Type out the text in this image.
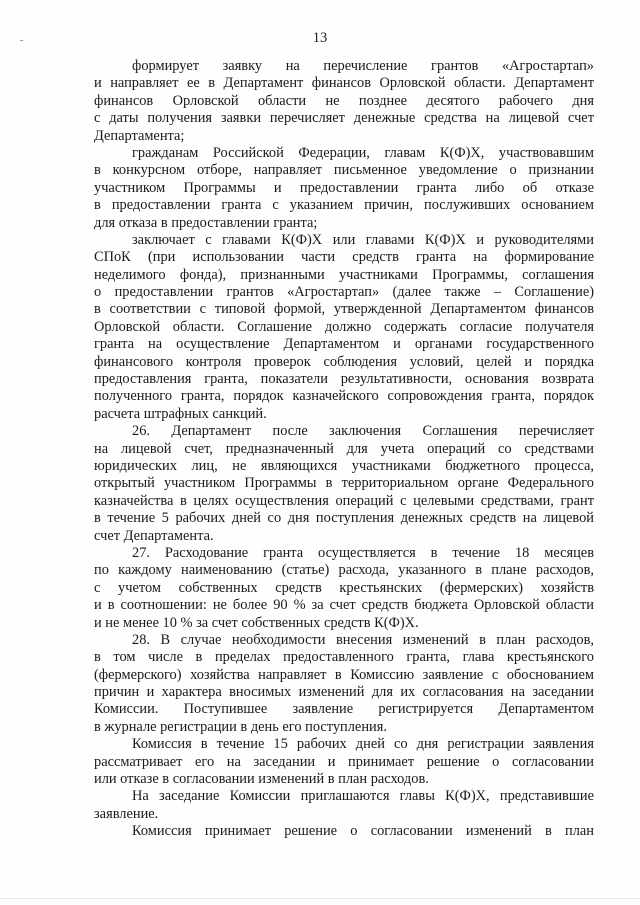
13
формирует заявку на перечисление грантов «Агростартап»
и направляет ее в Департамент финансов Орловской области. Департамент
финансов Орловской области не позднее десятого рабочего дня
с даты получения заявки перечисляет денежные средства на лицевой счет
Департамента;
гражданам Российской Федерации, главам К(Ф)Х, участвовавшим
в конкурсном отборе, направляет письменное уведомление о признании
участником Программы и предоставлении гранта либо об отказе
в предоставлении гранта с указанием причин, послуживших основанием
для отказа в предоставлении гранта;
заключает с главами К(Ф)Х или главами К(Ф)Х и руководителями
СПоК (при использовании части средств гранта на формирование
неделимого фонда), признанными участниками Программы, соглашения
о предоставлении грантов «Агростартап» (далее также – Соглашение)
в соответствии с типовой формой, утвержденной Департаментом финансов
Орловской области. Соглашение должно содержать согласие получателя
гранта на осуществление Департаментом и органами государственного
финансового контроля проверок соблюдения условий, целей и порядка
предоставления гранта, показатели результативности, основания возврата
полученного гранта, порядок казначейского сопровождения гранта, порядок
расчета штрафных санкций.
26. Департамент после заключения Соглашения перечисляет
на лицевой счет, предназначенный для учета операций со средствами
юридических лиц, не являющихся участниками бюджетного процесса,
открытый участником Программы в территориальном органе Федерального
казначейства в целях осуществления операций с целевыми средствами, грант
в течение 5 рабочих дней со дня поступления денежных средств на лицевой
счет Департамента.
27. Расходование гранта осуществляется в течение 18 месяцев
по каждому наименованию (статье) расхода, указанного в плане расходов,
с учетом собственных средств крестьянских (фермерских) хозяйств
и в соотношении: не более 90 % за счет средств бюджета Орловской области
и не менее 10 % за счет собственных средств К(Ф)Х.
28. В случае необходимости внесения изменений в план расходов,
в том числе в пределах предоставленного гранта, глава крестьянского
(фермерского) хозяйства направляет в Комиссию заявление с обоснованием
причин и характера вносимых изменений для их согласования на заседании
Комиссии. Поступившее заявление регистрируется Департаментом
в журнале регистрации в день его поступления.
Комиссия в течение 15 рабочих дней со дня регистрации заявления
рассматривает его на заседании и принимает решение о согласовании
или отказе в согласовании изменений в план расходов.
На заседание Комиссии приглашаются главы К(Ф)Х, представившие
заявление.
Комиссия принимает решение о согласовании изменений в план
